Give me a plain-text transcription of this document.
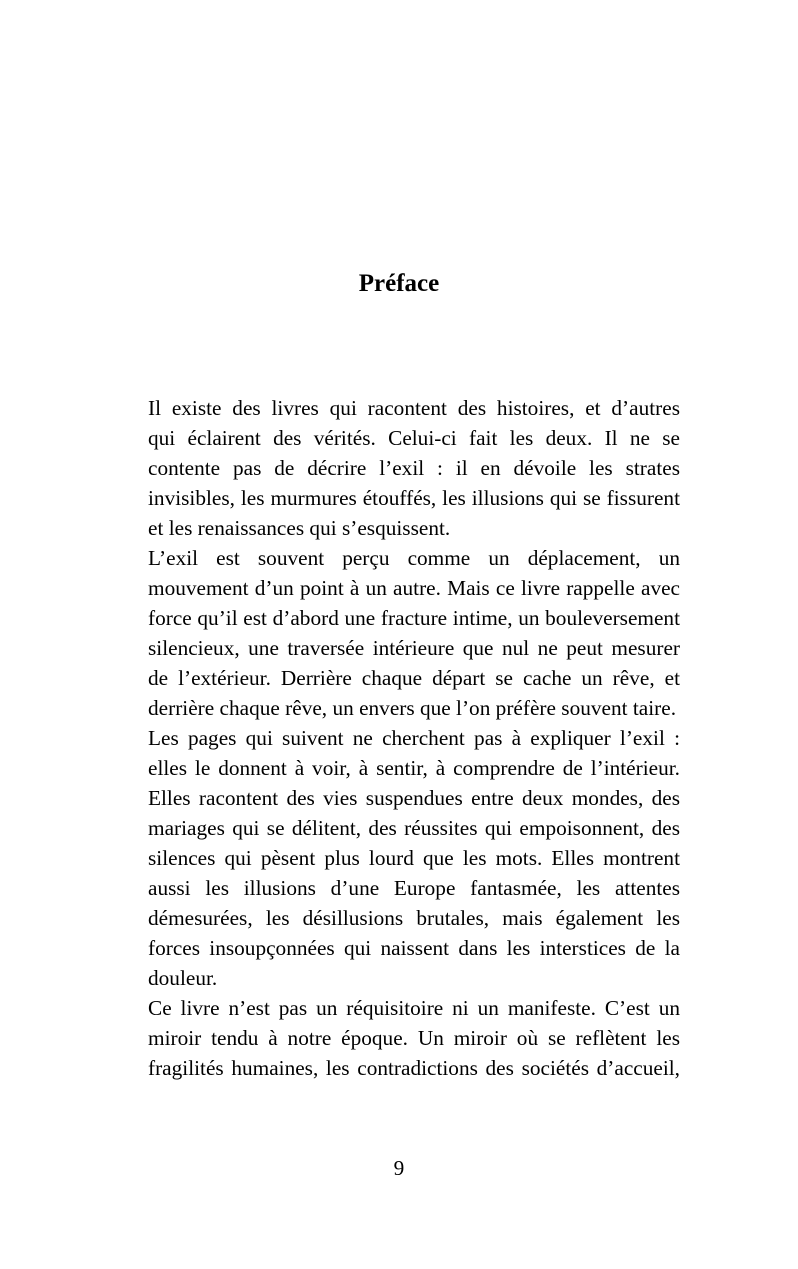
Préface

Il existe des livres qui racontent des histoires, et d’autres
qui éclairent des vérités. Celui-ci fait les deux. Il ne se
contente pas de décrire l’exil : il en dévoile les strates
invisibles, les murmures étouffés, les illusions qui se fissurent
et les renaissances qui s’esquissent.

L’exil est souvent perçu comme un déplacement, un
mouvement d’un point à un autre. Mais ce livre rappelle avec
force qu’il est d’abord une fracture intime, un bouleversement
silencieux, une traversée intérieure que nul ne peut mesurer
de l’extérieur. Derrière chaque départ se cache un rêve, et
derrière chaque rêve, un envers que l’on préfère souvent taire.

Les pages qui suivent ne cherchent pas à expliquer l’exil :
elles le donnent à voir, à sentir, à comprendre de l’intérieur.
Elles racontent des vies suspendues entre deux mondes, des
mariages qui se délitent, des réussites qui empoisonnent, des
silences qui pèsent plus lourd que les mots. Elles montrent
aussi les illusions d’une Europe fantasmée, les attentes
démesurées, les désillusions brutales, mais également les
forces insoupçonnées qui naissent dans les interstices de la
douleur.

Ce livre n’est pas un réquisitoire ni un manifeste. C’est un
miroir tendu à notre époque. Un miroir où se reflètent les
fragilités humaines, les contradictions des sociétés d’accueil,

9
